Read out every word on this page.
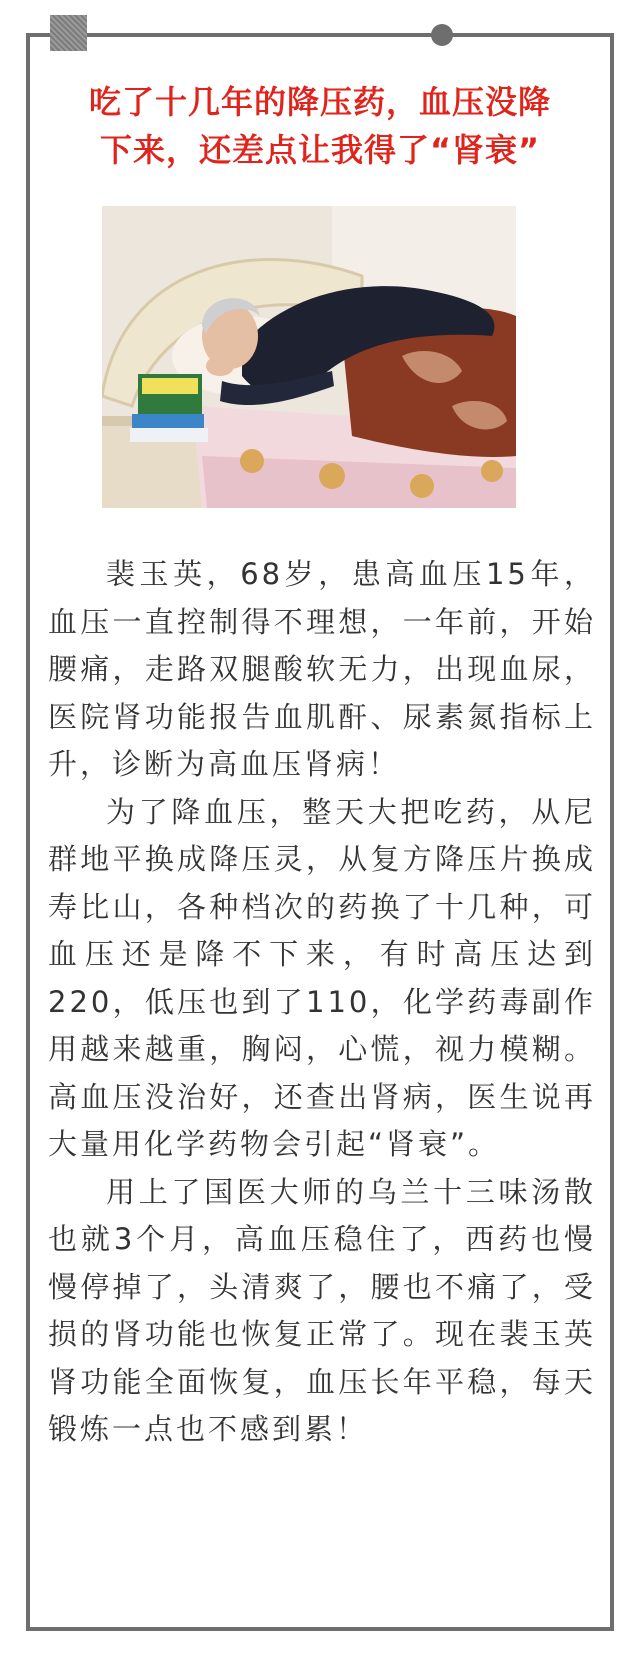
吃了十几年的降压药，血压没降
下来，还差点让我得了“肾衰”

裴玉英，68岁，患高血压15年，血压一直控制得不理想，一年前，开始腰痛，走路双腿酸软无力，出现血尿，医院肾功能报告血肌酐、尿素氮指标上升，诊断为高血压肾病！

为了降血压，整天大把吃药，从尼群地平换成降压灵，从复方降压片换成寿比山，各种档次的药换了十几种，可血压还是降不下来，有时高压达到220，低压也到了110，化学药毒副作用越来越重，胸闷，心慌，视力模糊。高血压没治好，还查出肾病，医生说再大量用化学药物会引起“肾衰”。

用上了国医大师的乌兰十三味汤散也就3个月，高血压稳住了，西药也慢慢停掉了，头清爽了，腰也不痛了，受损的肾功能也恢复正常了。现在裴玉英肾功能全面恢复，血压长年平稳，每天锻炼一点也不感到累！
